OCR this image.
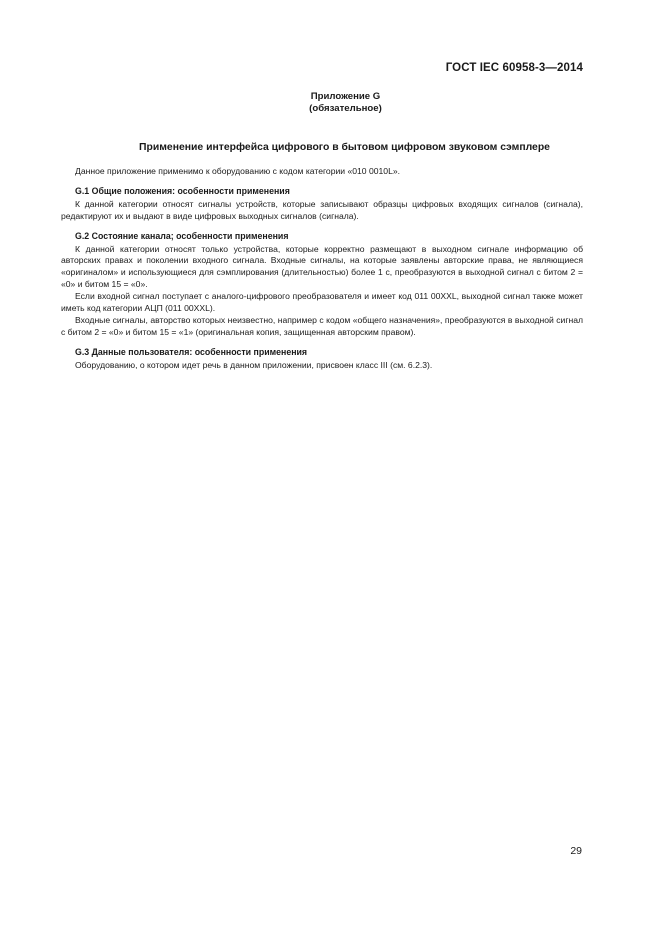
ГОСТ IEC 60958-3—2014
Приложение G
(обязательное)
Применение интерфейса цифрового в бытовом цифровом звуковом сэмплере

Данное приложение применимо к оборудованию с кодом категории «010 0010L».

G.1 Общие положения: особенности применения

К данной категории относят сигналы устройств, которые записывают образцы цифровых входящих сигналов (сигнала), редактируют их и выдают в виде цифровых выходных сигналов (сигнала).

G.2 Состояние канала; особенности применения

К данной категории относят только устройства, которые корректно размещают в выходном сигнале информацию об авторских правах и поколении входного сигнала. Входные сигналы, на которые заявлены авторские права, не являющиеся «оригиналом» и использующиеся для сэмплирования (длительностью) более 1 с, преобразуются в выходной сигнал с битом 2 = «0» и битом 15 = «0».

Если входной сигнал поступает с аналого-цифрового преобразователя и имеет код 011 00XXL, выходной сигнал также может иметь код категории АЦП (011 00XXL).

Входные сигналы, авторство которых неизвестно, например с кодом «общего назначения», преобразуются в выходной сигнал с битом 2 = «0» и битом 15 = «1» (оригинальная копия, защищенная авторским правом).

G.3 Данные пользователя: особенности применения

Оборудованию, о котором идет речь в данном приложении, присвоен класс III (см. 6.2.3).

29
